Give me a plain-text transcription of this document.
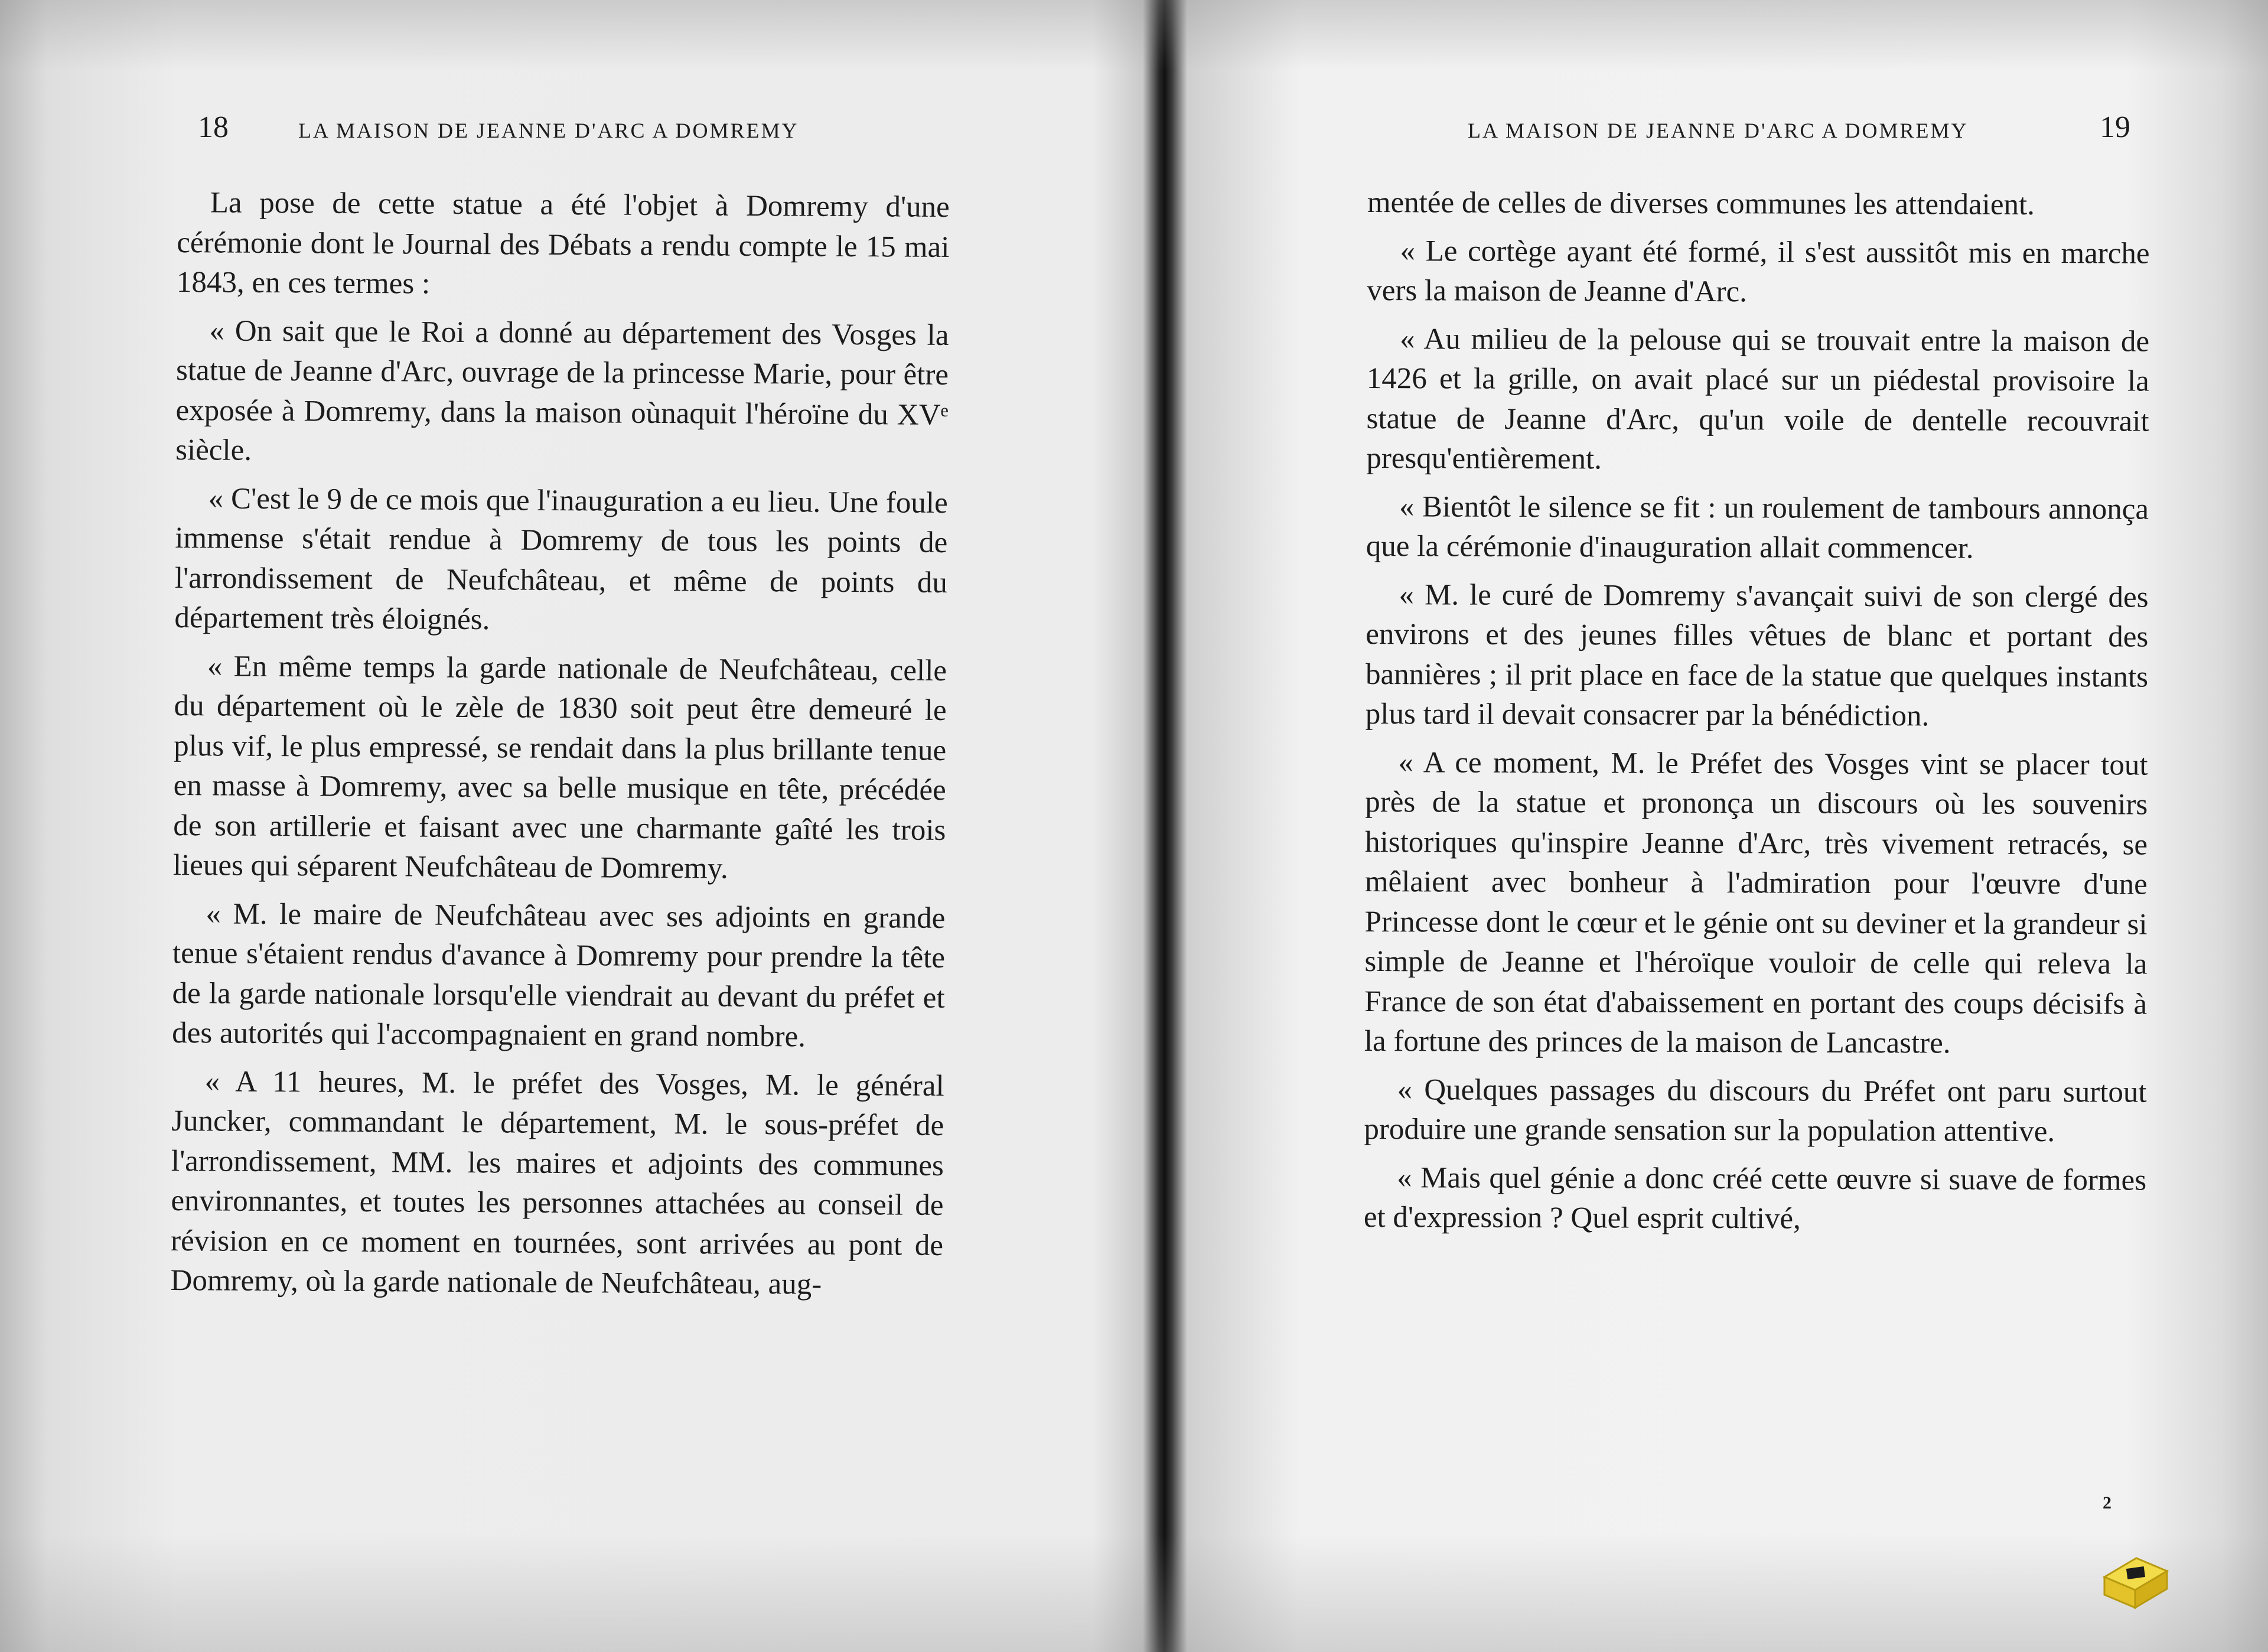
18	LA MAISON DE JEANNE D'ARC A DOMREMY

La pose de cette statue a été l'objet à Domremy d'une cérémonie dont le Journal des Débats a rendu compte le 15 mai 1843, en ces termes :

« On sait que le Roi a donné au département des Vosges la statue de Jeanne d'Arc, ouvrage de la princesse Marie, pour être exposée à Domremy, dans la maison oùnaquit l'héroïne du XVᵉ siècle.

« C'est le 9 de ce mois que l'inauguration a eu lieu. Une foule immense s'était rendue à Domremy de tous les points de l'arrondissement de Neufchâteau, et même de points du département très éloignés.

« En même temps la garde nationale de Neufchâteau, celle du département où le zèle de 1830 soit peut être demeuré le plus vif, le plus empressé, se rendait dans la plus brillante tenue en masse à Domremy, avec sa belle musique en tête, précédée de son artillerie et faisant avec une charmante gaîté les trois lieues qui séparent Neufchâteau de Domremy.

« M. le maire de Neufchâteau avec ses adjoints en grande tenue s'étaient rendus d'avance à Domremy pour prendre la tête de la garde nationale lorsqu'elle viendrait au devant du préfet et des autorités qui l'accompagnaient en grand nombre.

« A 11 heures, M. le préfet des Vosges, M. le général Juncker, commandant le département, M. le sous-préfet de l'arrondissement, MM. les maires et adjoints des communes environnantes, et toutes les personnes attachées au conseil de révision en ce moment en tournées, sont arrivées au pont de Domremy, où la garde nationale de Neufchâteau, aug-

LA MAISON DE JEANNE D'ARC A DOMREMY	19

mentée de celles de diverses communes les attendaient.

« Le cortège ayant été formé, il s'est aussitôt mis en marche vers la maison de Jeanne d'Arc.

« Au milieu de la pelouse qui se trouvait entre la maison de 1426 et la grille, on avait placé sur un piédestal provisoire la statue de Jeanne d'Arc, qu'un voile de dentelle recouvrait presqu'entièrement.

« Bientôt le silence se fit : un roulement de tambours annonça que la cérémonie d'inauguration allait commencer.

« M. le curé de Domremy s'avançait suivi de son clergé des environs et des jeunes filles vêtues de blanc et portant des bannières ; il prit place en face de la statue que quelques instants plus tard il devait consacrer par la bénédiction.

« A ce moment, M. le Préfet des Vosges vint se placer tout près de la statue et prononça un discours où les souvenirs historiques qu'inspire Jeanne d'Arc, très vivement retracés, se mêlaient avec bonheur à l'admiration pour l'œuvre d'une Princesse dont le cœur et le génie ont su deviner et la grandeur si simple de Jeanne et l'héroïque vouloir de celle qui releva la France de son état d'abaissement en portant des coups décisifs à la fortune des princes de la maison de Lancastre.

« Quelques passages du discours du Préfet ont paru surtout produire une grande sensation sur la population attentive.

« Mais quel génie a donc créé cette œuvre si suave de formes et d'expression ? Quel esprit cultivé,

2
